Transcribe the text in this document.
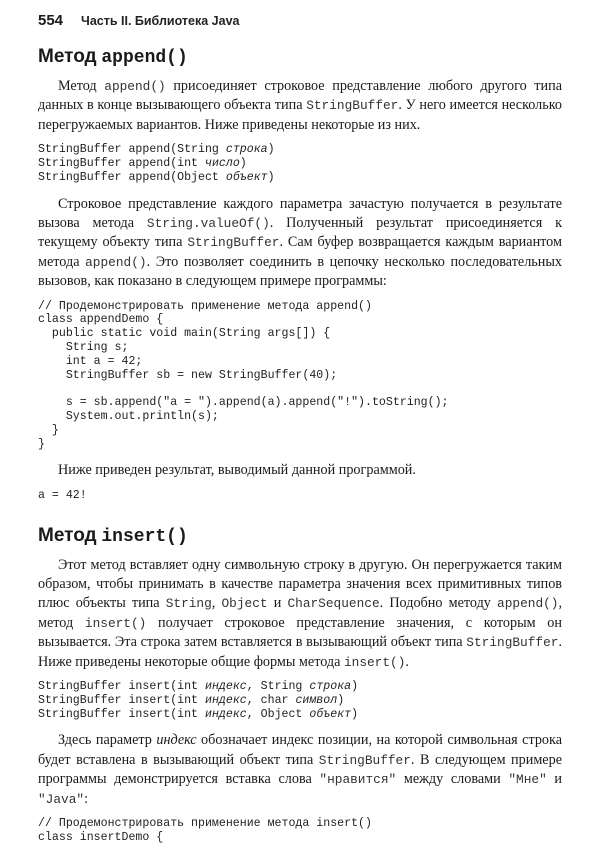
554 Часть II. Библиотека Java
Метод append()

Метод append() присоединяет строковое представление любого другого типа данных в конце вызывающего объекта типа StringBuffer. У него имеется несколько перегружаемых вариантов. Ниже приведены некоторые из них.

StringBuffer append(String строка)
StringBuffer append(int число)
StringBuffer append(Object объект)

Строковое представление каждого параметра зачастую получается в результате вызова метода String.valueOf(). Полученный результат присоединяется к текущему объекту типа StringBuffer. Сам буфер возвращается каждым вариантом метода append(). Это позволяет соединить в цепочку несколько последовательных вызовов, как показано в следующем примере программы:

// Продемонстрировать применение метода append()
class appendDemo {
public static void main(String args[]) {
String s;
int a = 42;
StringBuffer sb = new StringBuffer(40);

s = sb.append("a = ").append(a).append("!").toString();
System.out.println(s);
}
}

Ниже приведен результат, выводимый данной программой.

a = 42!
Метод insert()

Этот метод вставляет одну символьную строку в другую. Он перегружается таким образом, чтобы принимать в качестве параметра значения всех примитивных типов плюс объекты типа String, Object и CharSequence. Подобно методу append(), метод insert() получает строковое представление значения, с которым он вызывается. Эта строка затем вставляется в вызывающий объект типа StringBuffer. Ниже приведены некоторые общие формы метода insert().

StringBuffer insert(int индекс, String строка)
StringBuffer insert(int индекс, char символ)
StringBuffer insert(int индекс, Object объект)

Здесь параметр индекс обозначает индекс позиции, на которой символьная строка будет вставлена в вызывающий объект типа StringBuffer. В следующем примере программы демонстрируется вставка слова "нравится" между словами "Мне" и "Java":

// Продемонстрировать применение метода insert()
class insertDemo {
